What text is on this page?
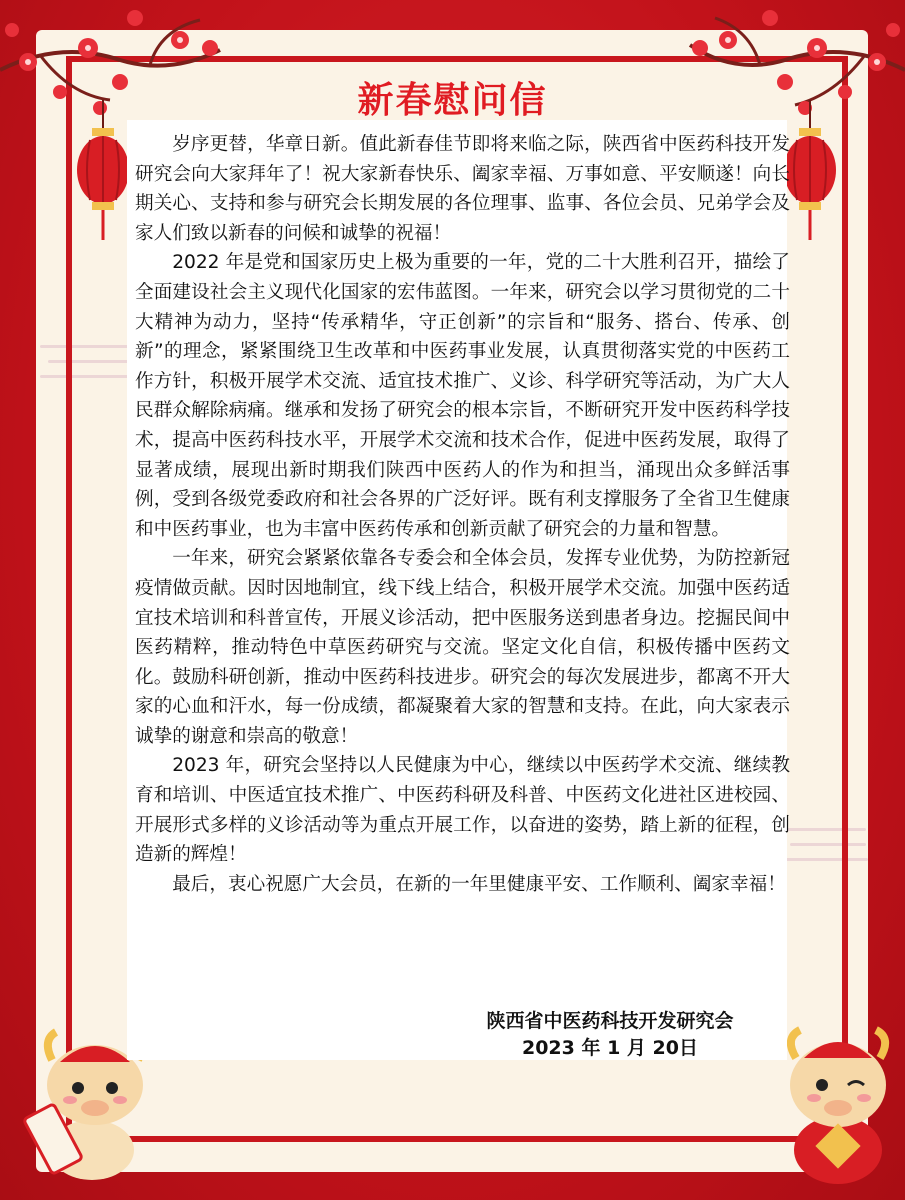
新春慰问信

岁序更替，华章日新。值此新春佳节即将来临之际，陕西省中医药科技开发研究会向大家拜年了！祝大家新春快乐、阖家幸福、万事如意、平安顺遂！向长期关心、支持和参与研究会长期发展的各位理事、监事、各位会员、兄弟学会及家人们致以新春的问候和诚挚的祝福！

2022 年是党和国家历史上极为重要的一年，党的二十大胜利召开，描绘了全面建设社会主义现代化国家的宏伟蓝图。一年来，研究会以学习贯彻党的二十大精神为动力，坚持“传承精华，守正创新”的宗旨和“服务、搭台、传承、创新”的理念，紧紧围绕卫生改革和中医药事业发展，认真贯彻落实党的中医药工作方针，积极开展学术交流、适宜技术推广、义诊、科学研究等活动，为广大人民群众解除病痛。继承和发扬了研究会的根本宗旨，不断研究开发中医药科学技术，提高中医药科技水平，开展学术交流和技术合作，促进中医药发展，取得了显著成绩，展现出新时期我们陕西中医药人的作为和担当，涌现出众多鲜活事例，受到各级党委政府和社会各界的广泛好评。既有利支撑服务了全省卫生健康和中医药事业，也为丰富中医药传承和创新贡献了研究会的力量和智慧。

一年来，研究会紧紧依靠各专委会和全体会员，发挥专业优势，为防控新冠疫情做贡献。因时因地制宜，线下线上结合，积极开展学术交流。加强中医药适宜技术培训和科普宣传，开展义诊活动，把中医服务送到患者身边。挖掘民间中医药精粹，推动特色中草医药研究与交流。坚定文化自信，积极传播中医药文化。鼓励科研创新，推动中医药科技进步。研究会的每次发展进步，都离不开大家的心血和汗水，每一份成绩，都凝聚着大家的智慧和支持。在此，向大家表示诚挚的谢意和崇高的敬意！

2023 年，研究会坚持以人民健康为中心，继续以中医药学术交流、继续教育和培训、中医适宜技术推广、中医药科研及科普、中医药文化进社区进校园、开展形式多样的义诊活动等为重点开展工作，以奋进的姿势，踏上新的征程，创造新的辉煌！

最后，衷心祝愿广大会员，在新的一年里健康平安、工作顺利、阖家幸福！

陕西省中医药科技开发研究会
2023 年 1 月 20日
